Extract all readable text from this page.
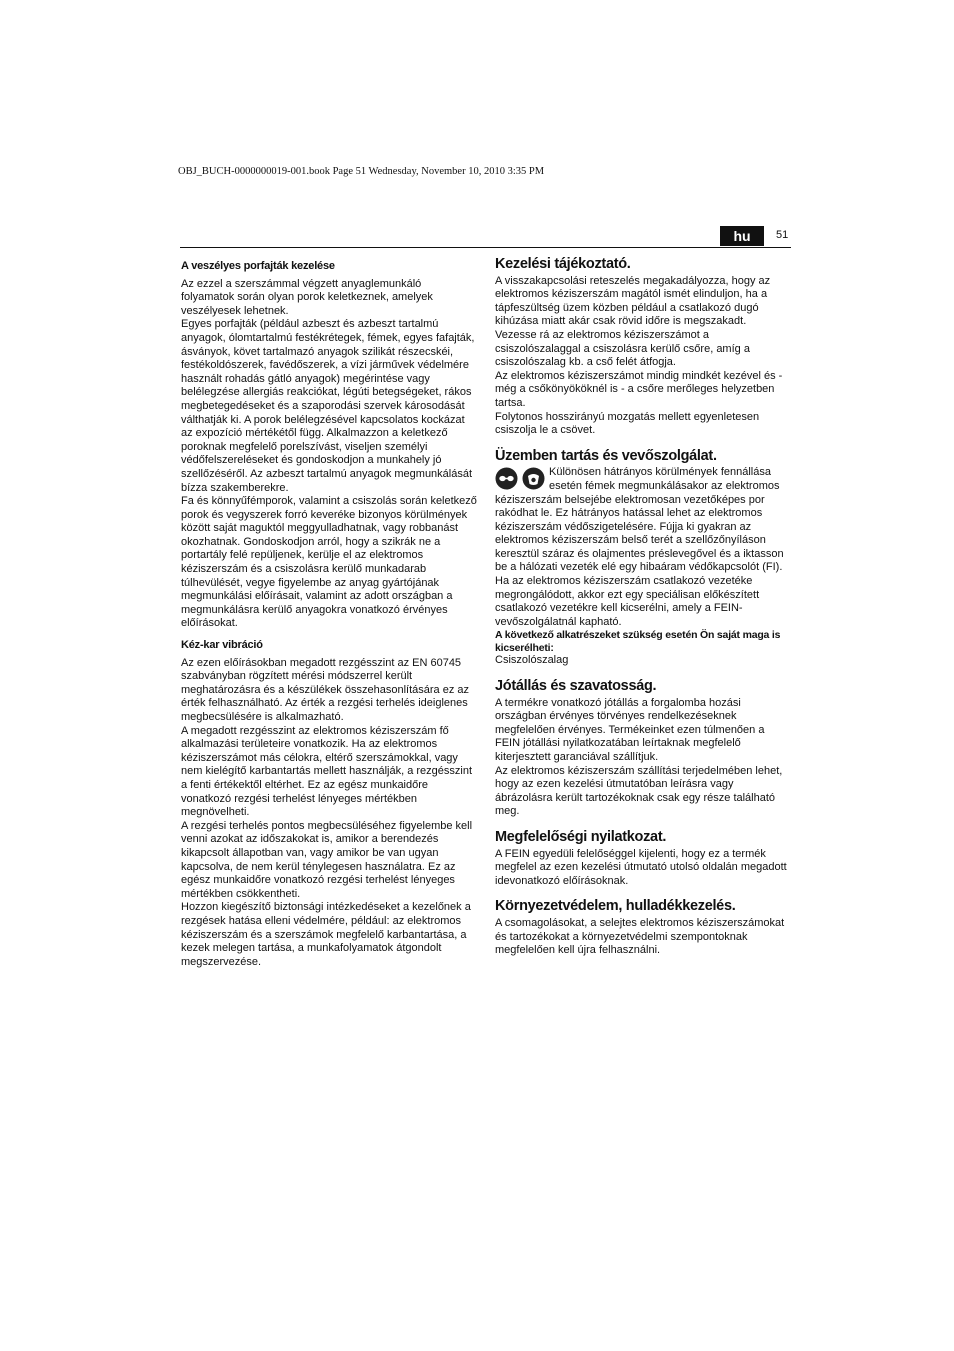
OBJ_BUCH-0000000019-001.book Page 51 Wednesday, November 10, 2010 3:35 PM
hu	51
A veszélyes porfajták kezelése

Az ezzel a szerszámmal végzett anyaglemunkáló folyamatok során olyan porok keletkeznek, amelyek veszélyesek lehetnek.

Egyes porfajták (például azbeszt és azbeszt tartalmú anyagok, ólomtartalmú festékrétegek, fémek, egyes fafajták, ásványok, követ tartalmazó anyagok szilikát részecskéi, festékoldószerek, favédőszerek, a vízi járművek védelmére használt rohadás gátló anyagok) megérintése vagy belélegzése allergiás reakciókat, légúti betegségeket, rákos megbetegedéseket és a szaporodási szervek károsodását válthatják ki. A porok belélegzésével kapcsolatos kockázat az expozíció mértékétől függ. Alkalmazzon a keletkező poroknak megfelelő porelszívást, viseljen személyi védőfelszereléseket és gondoskodjon a munkahely jó szellőzéséről. Az azbeszt tartalmú anyagok megmunkálását bízza szakemberekre.

Fa és könnyűfémporok, valamint a csiszolás során keletkező porok és vegyszerek forró keveréke bizonyos körülmények között saját maguktól meggyulladhatnak, vagy robbanást okozhatnak. Gondoskodjon arról, hogy a szikrák ne a portartály felé repüljenek, kerülje el az elektromos kéziszerszám és a csiszolásra kerülő munkadarab túlhevülését, vegye figyelembe az anyag gyártójának megmunkálási előírásait, valamint az adott országban a megmunkálásra kerülő anyagokra vonatkozó érvényes előírásokat.

Kéz-kar vibráció

Az ezen előírásokban megadott rezgésszint az EN 60745 szabványban rögzített mérési módszerrel került meghatározásra és a készülékek összehasonlítására ez az érték felhasználható. Az érték a rezgési terhelés ideiglenes megbecsülésére is alkalmazható.

A megadott rezgésszint az elektromos kéziszerszám fő alkalmazási területeire vonatkozik. Ha az elektromos kéziszerszámot más célokra, eltérő szerszámokkal, vagy nem kielégítő karbantartás mellett használják, a rezgésszint a fenti értékektől eltérhet. Ez az egész munkaidőre vonatkozó rezgési terhelést lényeges mértékben megnövelheti.

A rezgési terhelés pontos megbecsüléséhez figyelembe kell venni azokat az időszakokat is, amikor a berendezés kikapcsolt állapotban van, vagy amikor be van ugyan kapcsolva, de nem kerül ténylegesen használatra. Ez az egész munkaidőre vonatkozó rezgési terhelést lényeges mértékben csökkentheti.

Hozzon kiegészítő biztonsági intézkedéseket a kezelőnek a rezgések hatása elleni védelmére, például: az elektromos kéziszerszám és a szerszámok megfelelő karbantartása, a kezek melegen tartása, a munkafolyamatok átgondolt megszervezése.

Kezelési tájékoztató.

A visszakapcsolási reteszelés megakadályozza, hogy az elektromos kéziszerszám magától ismét elinduljon, ha a tápfeszültség üzem közben például a csatlakozó dugó kihúzása miatt akár csak rövid időre is megszakadt.

Vezesse rá az elektromos kéziszerszámot a csiszolószalaggal a csiszolásra kerülő csőre, amíg a csiszolószalag kb. a cső felét átfogja.

Az elektromos kéziszerszámot mindig mindkét kezével és - még a csőkönyököknél is - a csőre merőleges helyzetben tartsa.

Folytonos hosszirányú mozgatás mellett egyenletesen csiszolja le a csövet.

Üzemben tartás és vevőszolgálat.

Különösen hátrányos körülmények fennállása esetén fémek megmunkálásakor az elektromos kéziszerszám belsejébe elektromosan vezetőképes por rakódhat le. Ez hátrányos hatással lehet az elektromos kéziszerszám védőszigetelésére. Fújja ki gyakran az elektromos kéziszerszám belső terét a szellőzőnyíláson keresztül száraz és olajmentes préslevegővel és a iktasson be a hálózati vezeték elé egy hibaáram védőkapcsolót (FI).

Ha az elektromos kéziszerszám csatlakozó vezetéke megrongálódott, akkor ezt egy speciálisan előkészített csatlakozó vezetékre kell kicserélni, amely a FEIN-vevőszolgálatnál kapható.

A következő alkatrészeket szükség esetén Ön saját maga is kicserélheti:

Csiszolószalag

Jótállás és szavatosság.

A termékre vonatkozó jótállás a forgalomba hozási országban érvényes törvényes rendelkezéseknek megfelelően érvényes. Termékeinket ezen túlmenően a FEIN jótállási nyilatkozatában leírtaknak megfelelő kiterjesztett garanciával szállítjuk.

Az elektromos kéziszerszám szállítási terjedelmében lehet, hogy az ezen kezelési útmutatóban leírásra vagy ábrázolásra került tartozékoknak csak egy része található meg.

Megfelelőségi nyilatkozat.

A FEIN egyedüli felelőséggel kijelenti, hogy ez a termék megfelel az ezen kezelési útmutató utolsó oldalán megadott idevonatkozó előírásoknak.

Környezetvédelem, hulladékkezelés.

A csomagolásokat, a selejtes elektromos kéziszerszámokat és tartozékokat a környezetvédelmi szempontoknak megfelelően kell újra felhasználni.
